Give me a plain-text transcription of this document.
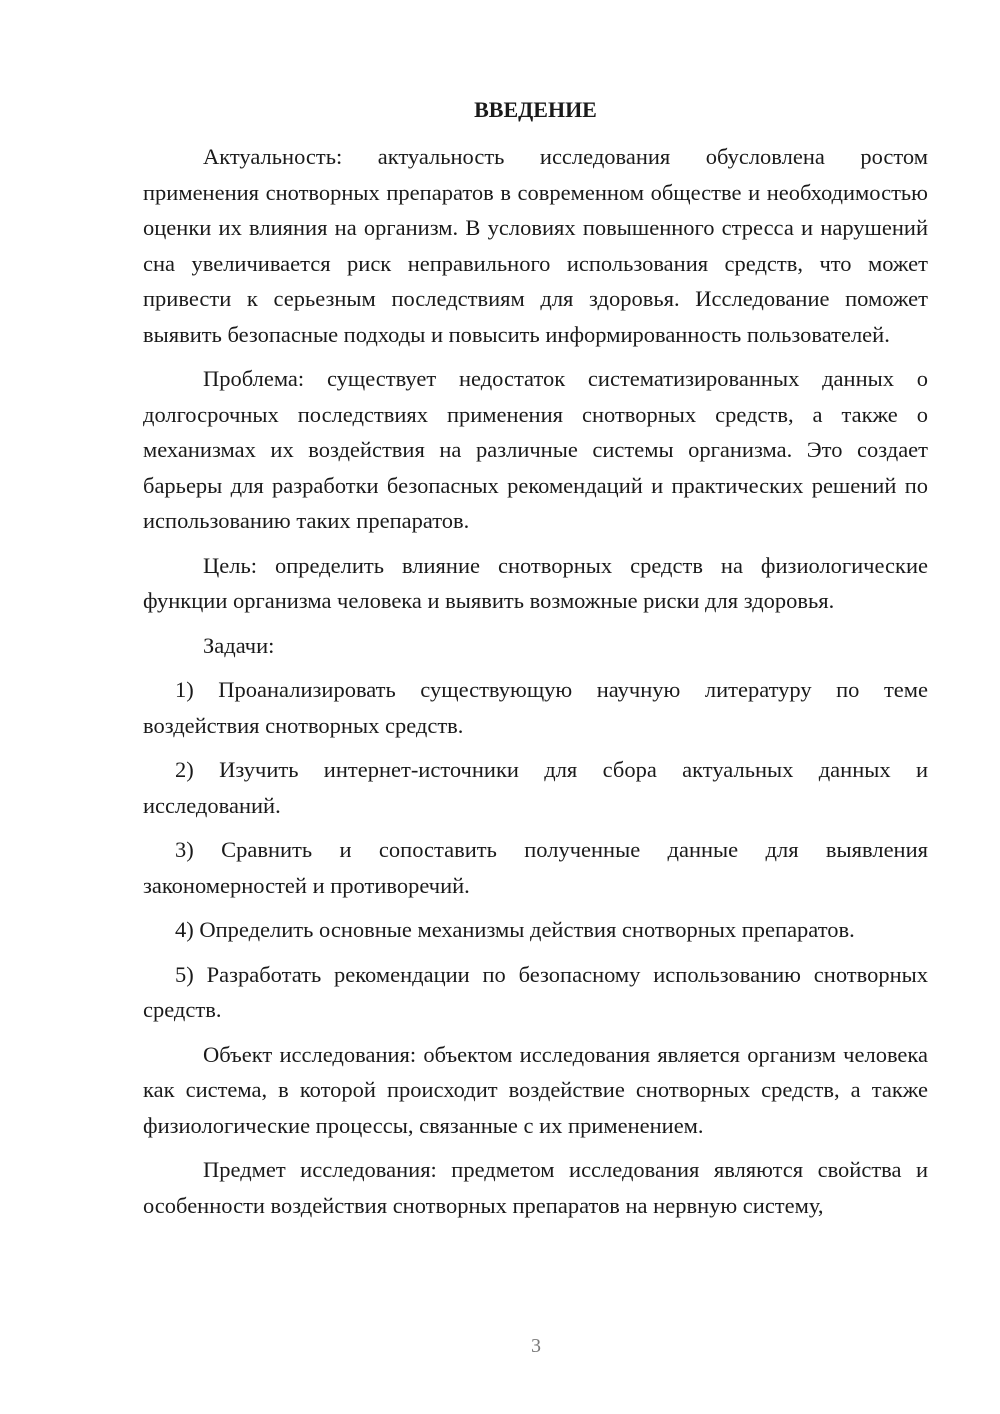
ВВЕДЕНИЕ

Актуальность: актуальность исследования обусловлена ростом применения снотворных препаратов в современном обществе и необходимостью оценки их влияния на организм. В условиях повышенного стресса и нарушений сна увеличивается риск неправильного использования средств, что может привести к серьезным последствиям для здоровья. Исследование поможет выявить безопасные подходы и повысить информированность пользователей.

Проблема: существует недостаток систематизированных данных о долгосрочных последствиях применения снотворных средств, а также о механизмах их воздействия на различные системы организма. Это создает барьеры для разработки безопасных рекомендаций и практических решений по использованию таких препаратов.

Цель: определить влияние снотворных средств на физиологические функции организма человека и выявить возможные риски для здоровья.

Задачи:

1) Проанализировать существующую научную литературу по теме воздействия снотворных средств.

2) Изучить интернет-источники для сбора актуальных данных и исследований.

3) Сравнить и сопоставить полученные данные для выявления закономерностей и противоречий.

4) Определить основные механизмы действия снотворных препаратов.

5) Разработать рекомендации по безопасному использованию снотворных средств.

Объект исследования: объектом исследования является организм человека как система, в которой происходит воздействие снотворных средств, а также физиологические процессы, связанные с их применением.

Предмет исследования: предметом исследования являются свойства и особенности воздействия снотворных препаратов на нервную систему,

3
